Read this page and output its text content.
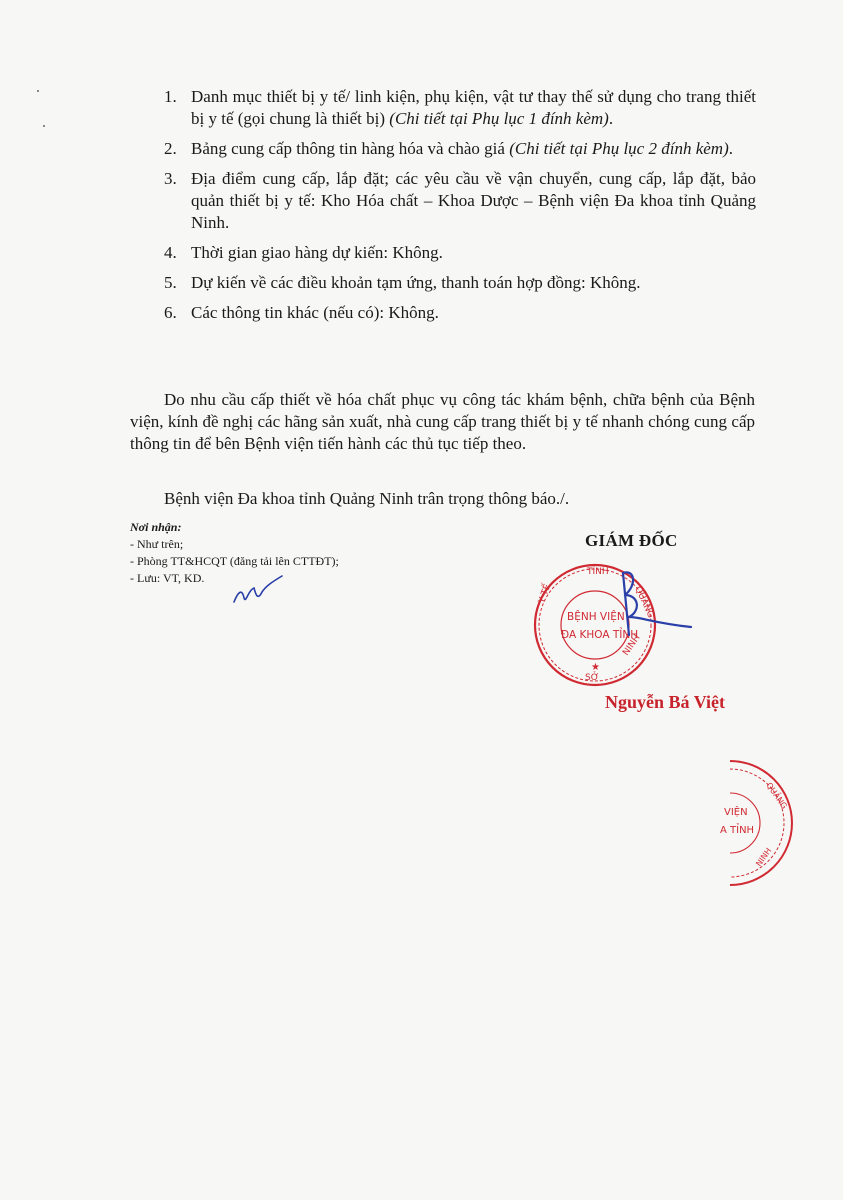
1. Danh mục thiết bị y tế/ linh kiện, phụ kiện, vật tư thay thế sử dụng cho trang thiết bị y tế (gọi chung là thiết bị) (Chi tiết tại Phụ lục 1 đính kèm).
2. Bảng cung cấp thông tin hàng hóa và chào giá (Chi tiết tại Phụ lục 2 đính kèm).
3. Địa điểm cung cấp, lắp đặt; các yêu cầu về vận chuyển, cung cấp, lắp đặt, bảo quản thiết bị y tế: Kho Hóa chất – Khoa Dược – Bệnh viện Đa khoa tỉnh Quảng Ninh.
4. Thời gian giao hàng dự kiến: Không.
5. Dự kiến về các điều khoản tạm ứng, thanh toán hợp đồng: Không.
6. Các thông tin khác (nếu có): Không.

Do nhu cầu cấp thiết về hóa chất phục vụ công tác khám bệnh, chữa bệnh của Bệnh viện, kính đề nghị các hãng sản xuất, nhà cung cấp trang thiết bị y tế nhanh chóng cung cấp thông tin để bên Bệnh viện tiến hành các thủ tục tiếp theo.

Bệnh viện Đa khoa tỉnh Quảng Ninh trân trọng thông báo./.

Nơi nhận:
- Như trên;
- Phòng TT&HCQT (đăng tải lên CTTĐT);
- Lưu: VT, KD.
GIÁM ĐỐC
TỈNH
Y TẾ	QUẢNG
SỞ
NINH
BỆNH VIỆN
ĐA KHOA TỈNH
★
Nguyễn Bá Việt
QUẢNG
NINH
VIỆN
A TỈNH
